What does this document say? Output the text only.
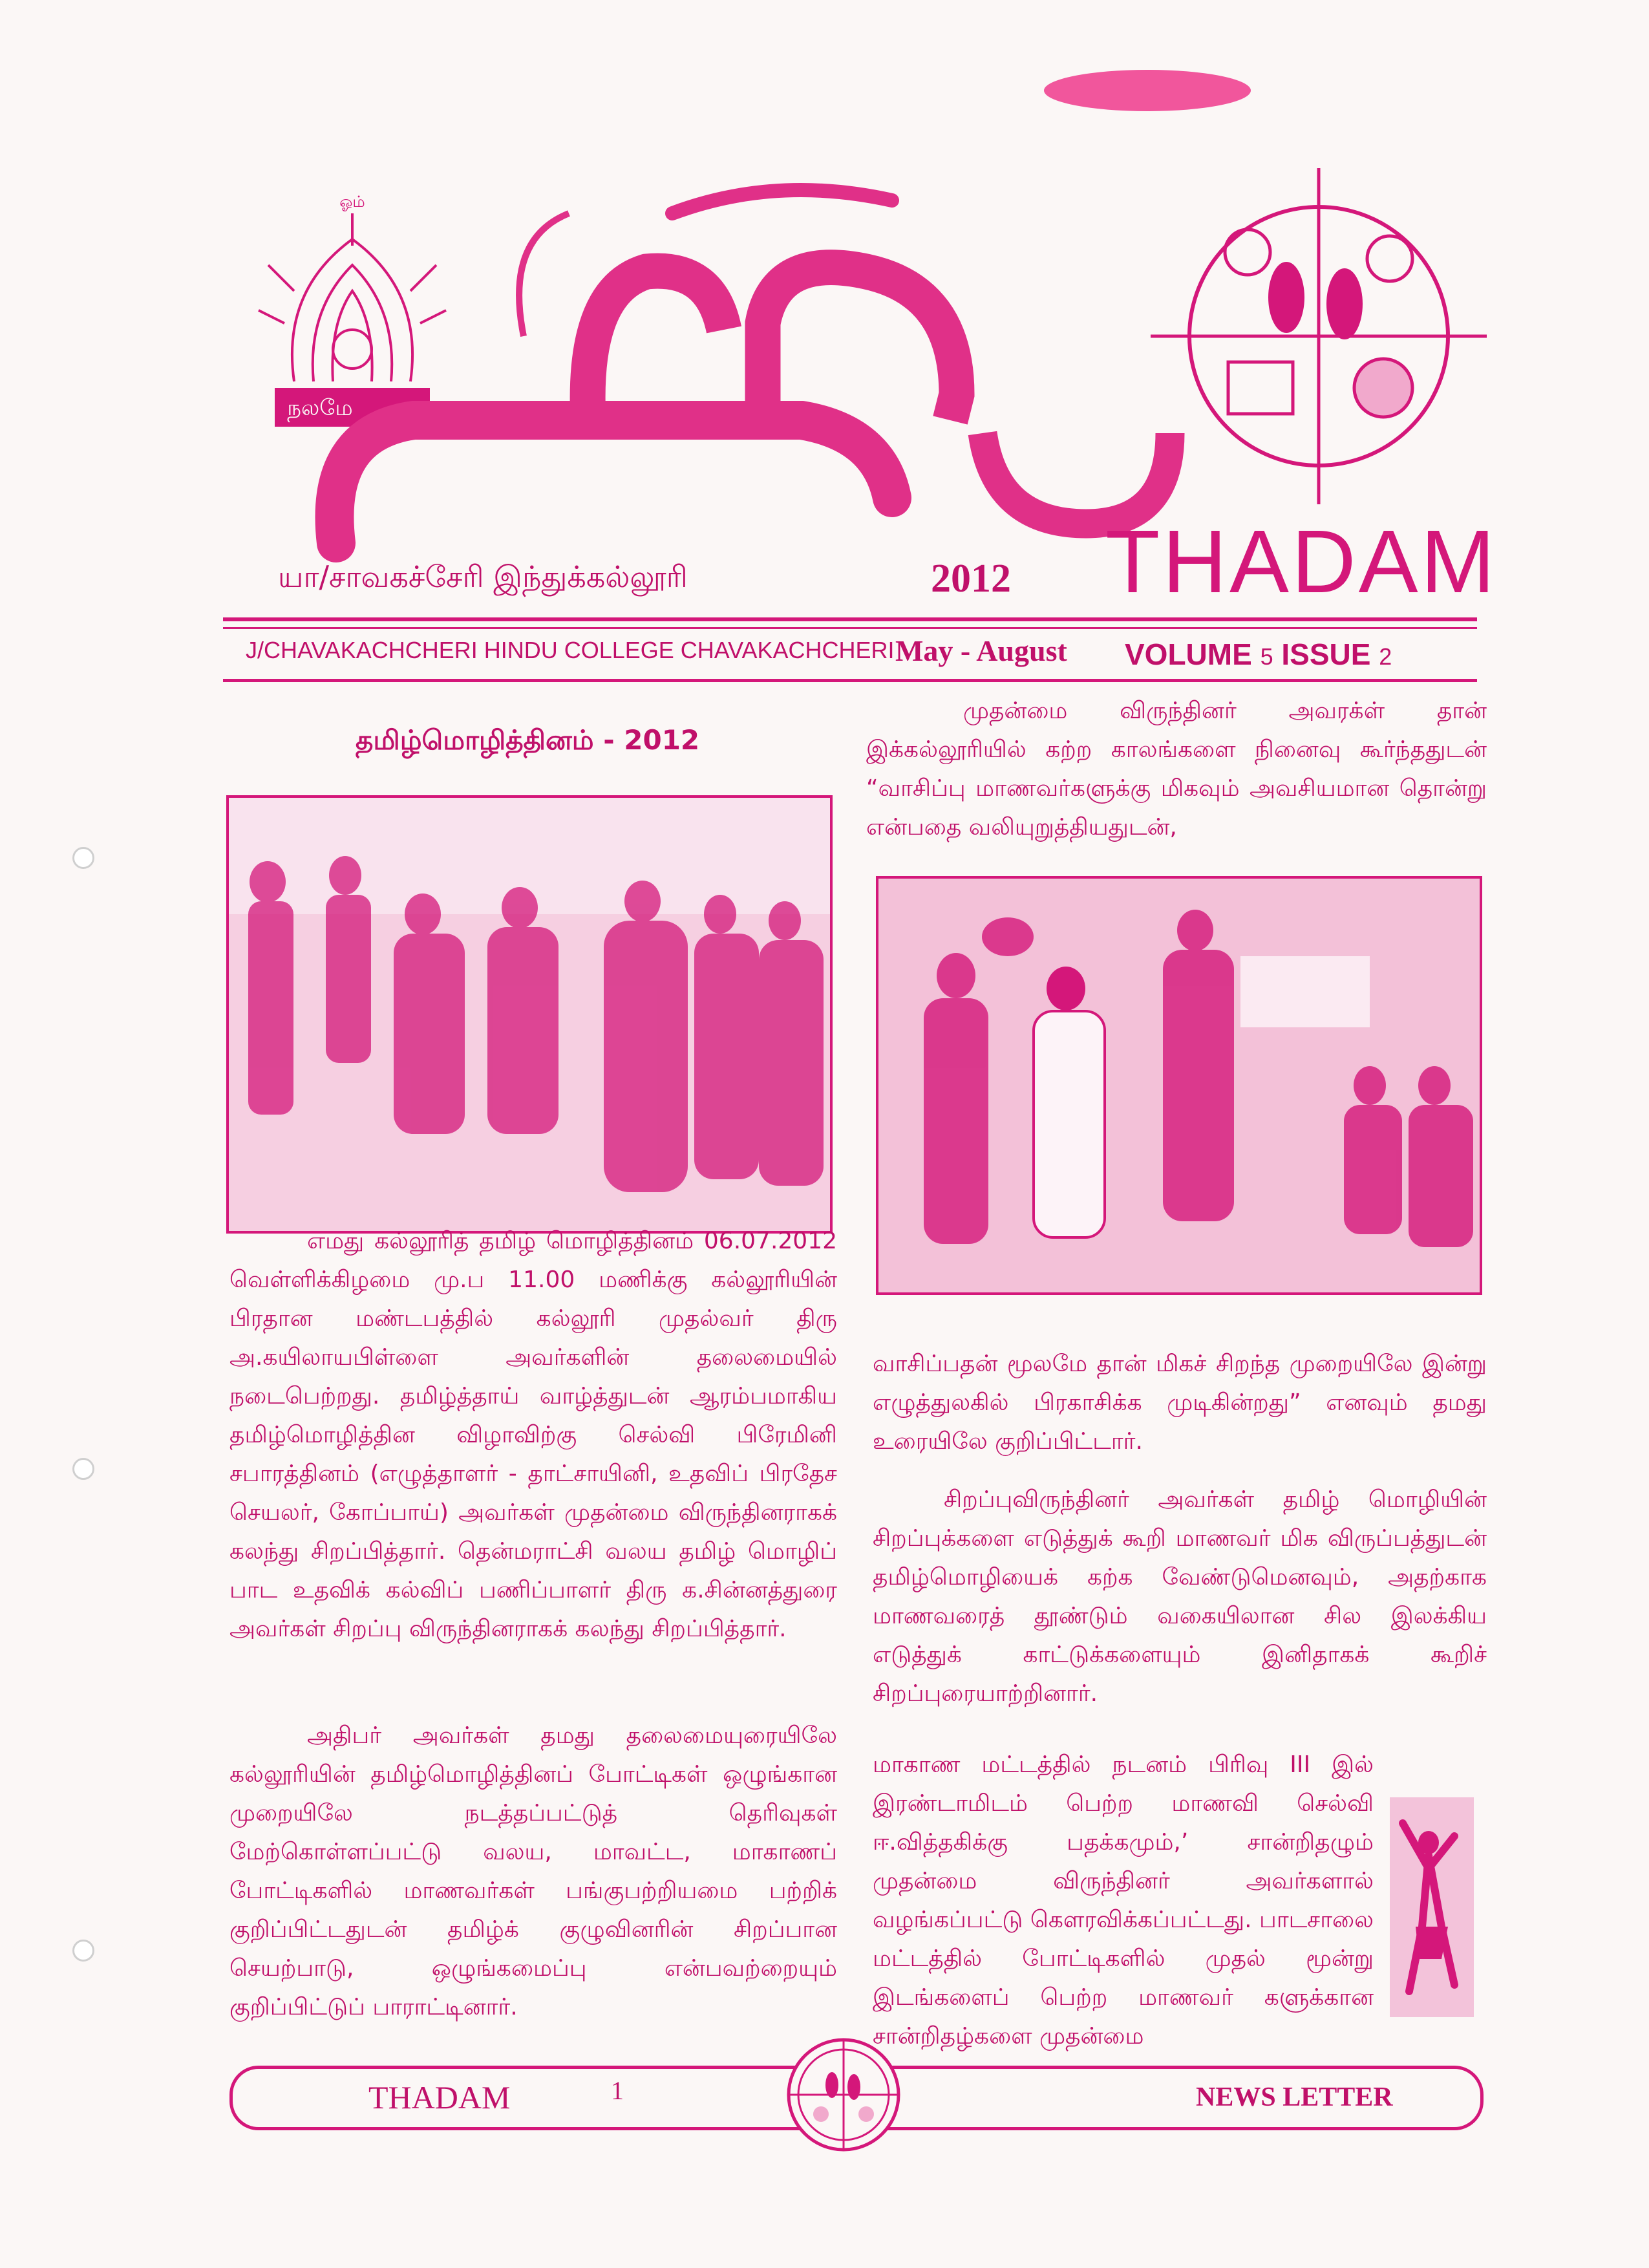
ஓம்
நலமே
THADAM
யா/சாவகச்சேரி இந்துக்கல்லூரி	2012
J/CHAVAKACHCHERI HINDU COLLEGE CHAVAKACHCHERI May - August VOLUME 5 ISSUE 2
தமிழ்மொழித்தினம் - 2012

எமது கல்லூரித் தமிழ் மொழித்தினம் 06.07.2012 வெள்ளிக்கிழமை மு.ப 11.00 மணிக்கு கல்லூரியின் பிரதான மண்டபத்தில் கல்லூரி முதல்வர் திரு அ.கயிலாயபிள்ளை அவர்களின் தலைமையில் நடைபெற்றது. தமிழ்த்தாய் வாழ்த்துடன் ஆரம்பமாகிய தமிழ்மொழித்தின விழாவிற்கு செல்வி பிரேமினி சபாரத்தினம் (எழுத்தாளர் - தாட்சாயினி, உதவிப் பிரதேச செயலர், கோப்பாய்) அவர்கள் முதன்மை விருந்தினராகக் கலந்து சிறப்பித்தார். தென்மராட்சி வலய தமிழ் மொழிப் பாட உதவிக் கல்விப் பணிப்பாளர் திரு க.சின்னத்துரை அவர்கள் சிறப்பு விருந்தினராகக் கலந்து சிறப்பித்தார்.

அதிபர் அவர்கள் தமது தலைமையுரையிலே கல்லூரியின் தமிழ்மொழித்தினப் போட்டிகள் ஒழுங்கான முறையிலே நடத்தப்பட்டுத் தெரிவுகள் மேற்கொள்ளப்பட்டு வலய, மாவட்ட, மாகாணப் போட்டிகளில் மாணவர்கள் பங்குபற்றியமை பற்றிக் குறிப்பிட்டதுடன் தமிழ்க் குழுவினரின் சிறப்பான செயற்பாடு, ஒழுங்கமைப்பு என்பவற்றையும் குறிப்பிட்டுப் பாராட்டினார்.

முதன்மை விருந்தினர் அவரக்ள் தான் இக்கல்லூரியில் கற்ற காலங்களை நினைவு கூர்ந்ததுடன் “வாசிப்பு மாணவர்களுக்கு மிகவும் அவசியமான தொன்று என்பதை வலியுறுத்தியதுடன்,

வாசிப்பதன் மூலமே தான் மிகச் சிறந்த முறையிலே இன்று எழுத்துலகில் பிரகாசிக்க முடிகின்றது” எனவும் தமது உரையிலே குறிப்பிட்டார்.

சிறப்புவிருந்தினர் அவர்கள் தமிழ் மொழியின் சிறப்புக்களை எடுத்துக் கூறி மாணவர் மிக விருப்பத்துடன் தமிழ்மொழியைக் கற்க வேண்டுமெனவும், அதற்காக மாணவரைத் தூண்டும் வகையிலான சில இலக்கிய எடுத்துக் காட்டுக்களையும் இனிதாகக் கூறிச் சிறப்புரையாற்றினார்.

மாகாண மட்டத்தில் நடனம் பிரிவு III இல் இரண்டாமிடம் பெற்ற மாணவி செல்வி ஈ.வித்தகிக்கு பதக்கமும்,’ சான்றிதழும் முதன்மை விருந்தினர் அவர்களால் வழங்கப்பட்டு கௌரவிக்கப்பட்டது. பாடசாலை மட்டத்தில் போட்டிகளில் முதல் மூன்று இடங்களைப் பெற்ற மாணவர் களுக்கான சான்றிதழ்களை முதன்மை

THADAM	1	NEWS LETTER
